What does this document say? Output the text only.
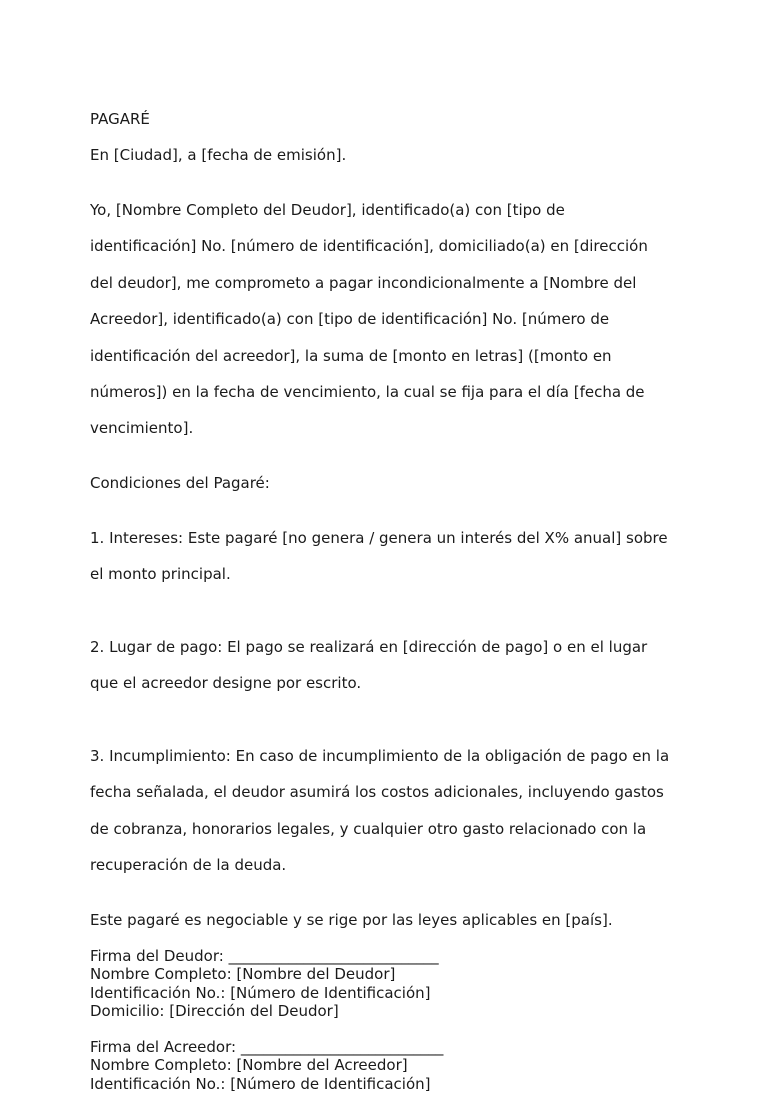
PAGARÉ

En [Ciudad], a [fecha de emisión].

Yo, [Nombre Completo del Deudor], identificado(a) con [tipo de

identificación] No. [número de identificación], domiciliado(a) en [dirección

del deudor], me comprometo a pagar incondicionalmente a [Nombre del

Acreedor], identificado(a) con [tipo de identificación] No. [número de

identificación del acreedor], la suma de [monto en letras] ([monto en

números]) en la fecha de vencimiento, la cual se fija para el día [fecha de

vencimiento].

Condiciones del Pagaré:

1. Intereses: Este pagaré [no genera / genera un interés del X% anual] sobre

el monto principal.

2. Lugar de pago: El pago se realizará en [dirección de pago] o en el lugar

que el acreedor designe por escrito.

3. Incumplimiento: En caso de incumplimiento de la obligación de pago en la

fecha señalada, el deudor asumirá los costos adicionales, incluyendo gastos

de cobranza, honorarios legales, y cualquier otro gasto relacionado con la

recuperación de la deuda.

Este pagaré es negociable y se rige por las leyes aplicables en [país].

Firma del Deudor: ____________________________
Nombre Completo: [Nombre del Deudor]
Identificación No.: [Número de Identificación]
Domicilio: [Dirección del Deudor]
Firma del Acreedor: ___________________________
Nombre Completo: [Nombre del Acreedor]
Identificación No.: [Número de Identificación]
